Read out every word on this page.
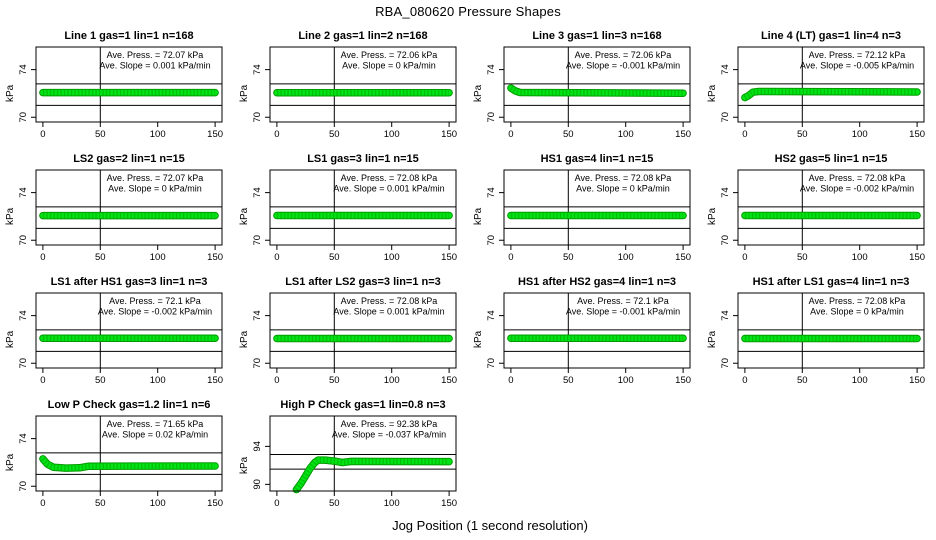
RBA_080620 Pressure Shapes
Line 1 gas=1 lin=1 n=168
70
74
kPa
0	50	100	150
Ave. Press. = 72.07 kPa
Ave. Slope = 0.001 kPa/min
Line 2 gas=1 lin=2 n=168
70
74
kPa
0	50	100	150
Ave. Press. = 72.06 kPa
Ave. Slope = 0 kPa/min
Line 3 gas=1 lin=3 n=168
70
74
kPa
0	50	100	150
Ave. Press. = 72.06 kPa
Ave. Slope = -0.001 kPa/min
Line 4 (LT) gas=1 lin=4 n=3
70
74
kPa
0	50	100	150
Ave. Press. = 72.12 kPa
Ave. Slope = -0.005 kPa/min
LS2 gas=2 lin=1 n=15
70
74
kPa
0	50	100	150
Ave. Press. = 72.07 kPa
Ave. Slope = 0 kPa/min
LS1 gas=3 lin=1 n=15
70
74
kPa
0	50	100	150
Ave. Press. = 72.08 kPa
Ave. Slope = 0.001 kPa/min
HS1 gas=4 lin=1 n=15
70
74
kPa
0	50	100	150
Ave. Press. = 72.08 kPa
Ave. Slope = 0 kPa/min
HS2 gas=5 lin=1 n=15
70
74
kPa
0	50	100	150
Ave. Press. = 72.08 kPa
Ave. Slope = -0.002 kPa/min
LS1 after HS1 gas=3 lin=1 n=3
70
74
kPa
0	50	100	150
Ave. Press. = 72.1 kPa
Ave. Slope = -0.002 kPa/min
LS1 after LS2 gas=3 lin=1 n=3
70
74
kPa
0	50	100	150
Ave. Press. = 72.08 kPa
Ave. Slope = 0.001 kPa/min
HS1 after HS2 gas=4 lin=1 n=3
70
74
kPa
0	50	100	150
Ave. Press. = 72.1 kPa
Ave. Slope = -0.001 kPa/min
HS1 after LS1 gas=4 lin=1 n=3
70
74
kPa
0	50	100	150
Ave. Press. = 72.08 kPa
Ave. Slope = 0 kPa/min
Low P Check gas=1.2 lin=1 n=6
70
74
kPa
0	50	100	150
Ave. Press. = 71.65 kPa
Ave. Slope = 0.02 kPa/min
High P Check gas=1 lin=0.8 n=3
90
94
kPa
0	50	100	150
Ave. Press. = 92.38 kPa
Ave. Slope = -0.037 kPa/min
Jog Position (1 second resolution)
